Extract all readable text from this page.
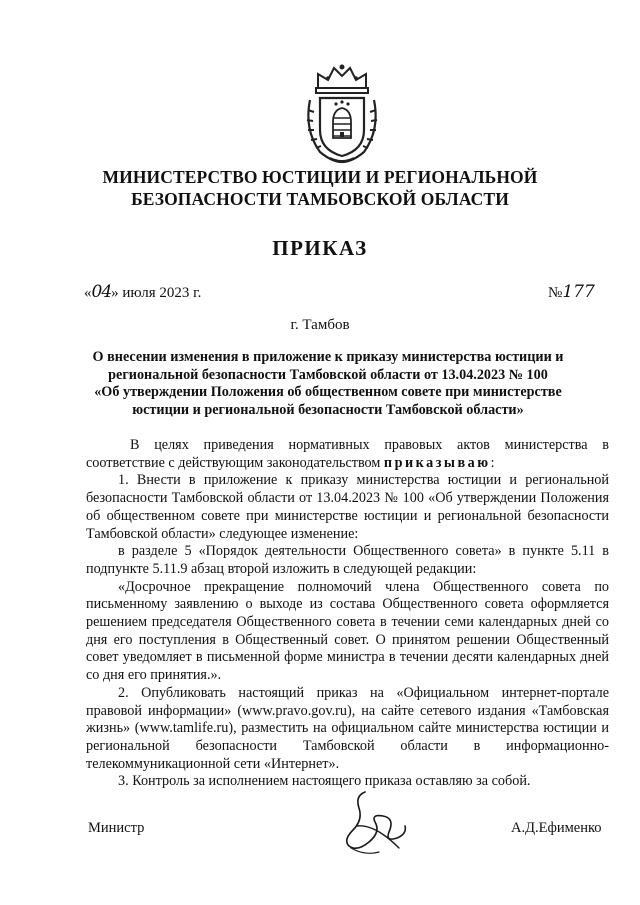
МИНИСТЕРСТВО ЮСТИЦИИ И РЕГИОНАЛЬНОЙ
БЕЗОПАСНОСТИ ТАМБОВСКОЙ ОБЛАСТИ
ПРИКАЗ
«04» июля 2023 г.	№177
г. Тамбов
О внесении изменения в приложение к приказу министерства юстиции и
региональной безопасности Тамбовской области от 13.04.2023 № 100
«Об утверждении Положения об общественном совете при министерстве
юстиции и региональной безопасности Тамбовской области»

В целях приведения нормативных правовых актов министерства в соответствие с действующим законодательством приказываю:

1. Внести в приложение к приказу министерства юстиции и региональной безопасности Тамбовской области от 13.04.2023 № 100 «Об утверждении Положения об общественном совете при министерстве юстиции и региональной безопасности Тамбовской области» следующее изменение:

в разделе 5 «Порядок деятельности Общественного совета» в пункте 5.11 в подпункте 5.11.9 абзац второй изложить в следующей редакции:

«Досрочное прекращение полномочий члена Общественного совета по письменному заявлению о выходе из состава Общественного совета оформляется решением председателя Общественного совета в течении семи календарных дней со дня его поступления в Общественный совет. О принятом решении Общественный совет уведомляет в письменной форме министра в течении десяти календарных дней со дня его принятия.».

2. Опубликовать настоящий приказ на «Официальном интернет-портале правовой информации» (www.pravo.gov.ru), на сайте сетевого издания «Тамбовская жизнь» (www.tamlife.ru), разместить на официальном сайте министерства юстиции и региональной безопасности Тамбовской области в информационно-телекоммуникационной сети «Интернет».

3. Контроль за исполнением настоящего приказа оставляю за собой.

Министр	А.Д.Ефименко
